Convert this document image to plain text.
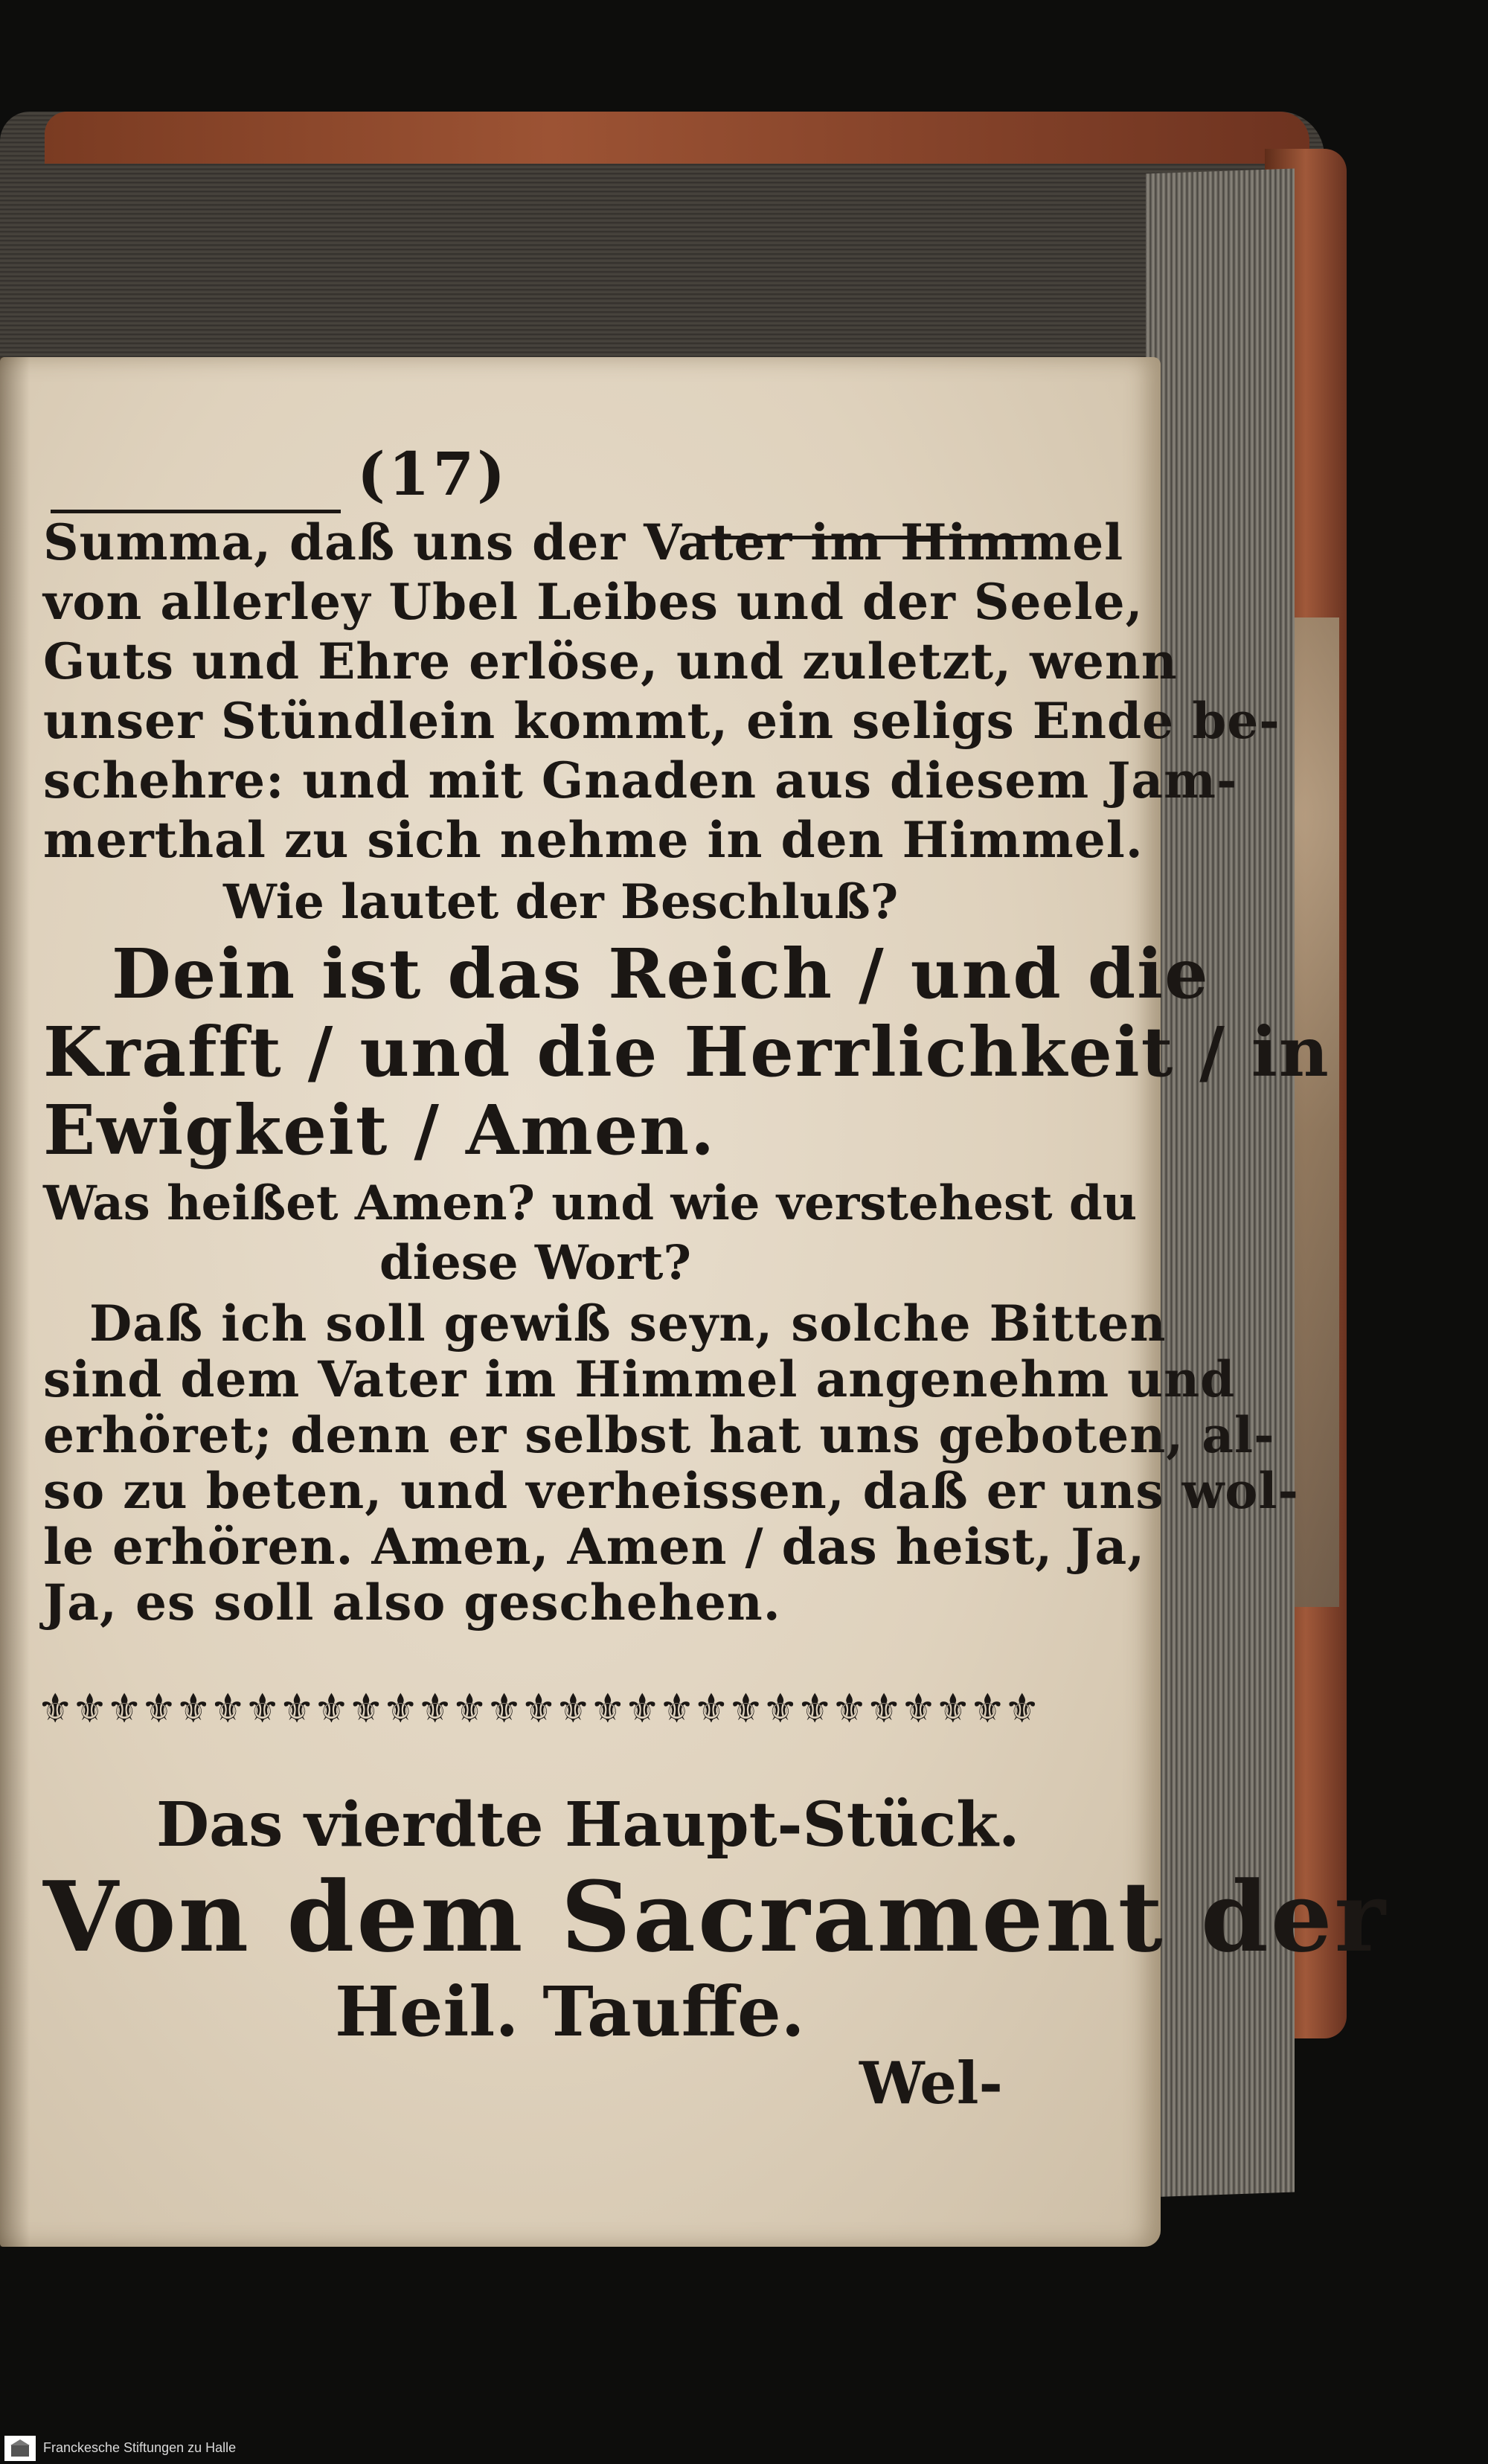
(17)
Summa, daß uns der Vater im Himmel
von allerley Ubel Leibes und der Seele,
Guts und Ehre erlöse, und zuletzt, wenn
unser Stündlein kommt, ein seligs Ende be-
schehre: und mit Gnaden aus diesem Jam-
merthal zu sich nehme in den Himmel.
Wie lautet der Beschluß?
Dein ist das Reich / und die
Krafft / und die Herrlichkeit / in
Ewigkeit / Amen.
Was heißet Amen? und wie verstehest du
diese Wort?
Daß ich soll gewiß seyn, solche Bitten
sind dem Vater im Himmel angenehm und
erhöret; denn er selbst hat uns geboten, al-
so zu beten, und verheissen, daß er uns wol-
le erhören. Amen, Amen / das heist, Ja,
Ja, es soll also geschehen.
⚜⚜⚜⚜⚜⚜⚜⚜⚜⚜⚜⚜⚜⚜⚜⚜⚜⚜⚜⚜⚜⚜⚜⚜⚜⚜⚜⚜⚜
Das vierdte Haupt-Stück.
Von dem Sacrament der
Heil. Tauffe.
Wel-
Franckesche Stiftungen zu Halle
